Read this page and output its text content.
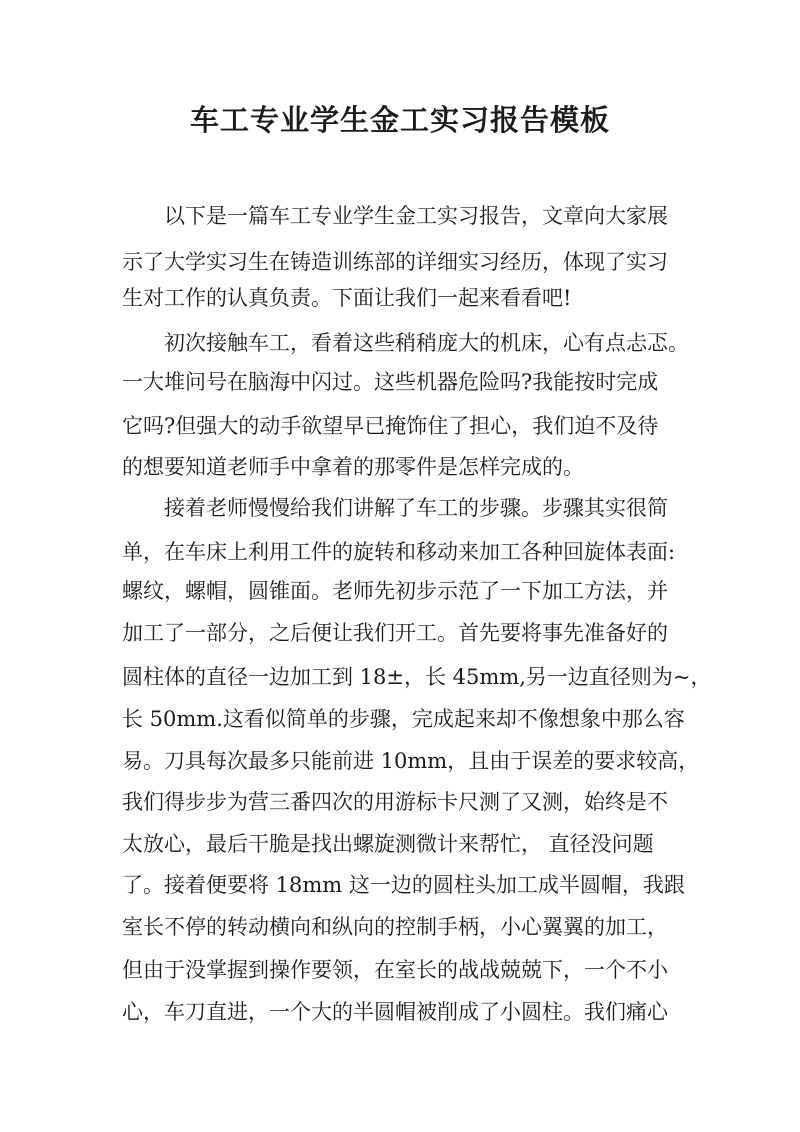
车工专业学生金工实习报告模板

以下是一篇车工专业学生金工实习报告，文章向大家展

示了大学实习生在铸造训练部的详细实习经历，体现了实习

生对工作的认真负责。下面让我们一起来看看吧!

初次接触车工，看着这些稍稍庞大的机床，心有点忐忑。

一大堆问号在脑海中闪过。这些机器危险吗?我能按时完成

它吗?但强大的动手欲望早已掩饰住了担心，我们迫不及待

的想要知道老师手中拿着的那零件是怎样完成的。

接着老师慢慢给我们讲解了车工的步骤。步骤其实很简

单，在车床上利用工件的旋转和移动来加工各种回旋体表面:

螺纹，螺帽，圆锥面。老师先初步示范了一下加工方法，并

加工了一部分，之后便让我们开工。首先要将事先准备好的

圆柱体的直径一边加工到 18±，长 45mm,另一边直径则为~，

长 50mm.这看似简单的步骤，完成起来却不像想象中那么容

易。刀具每次最多只能前进 10mm，且由于误差的要求较高，

我们得步步为营三番四次的用游标卡尺测了又测，始终是不

太放心，最后干脆是找出螺旋测微计来帮忙， 直径没问题

了。接着便要将 18mm 这一边的圆柱头加工成半圆帽，我跟

室长不停的转动横向和纵向的控制手柄，小心翼翼的加工，

但由于没掌握到操作要领，在室长的战战兢兢下，一个不小

心，车刀直进，一个大的半圆帽被削成了小圆柱。我们痛心
